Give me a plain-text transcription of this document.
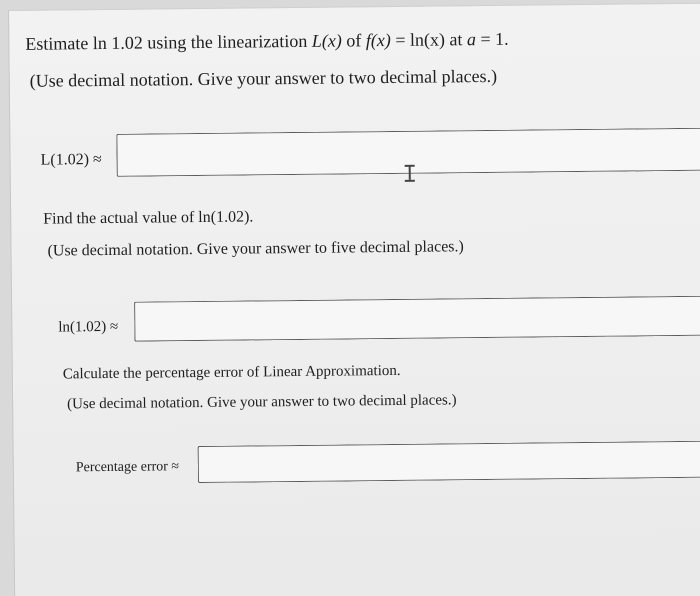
Estimate ln 1.02 using the linearization L(x) of f(x) = ln(x) at a = 1.
(Use decimal notation. Give your answer to two decimal places.)
L(1.02) ≈
Find the actual value of ln(1.02).
(Use decimal notation. Give your answer to five decimal places.)
ln(1.02) ≈
Calculate the percentage error of Linear Approximation.
(Use decimal notation. Give your answer to two decimal places.)
Percentage error ≈
